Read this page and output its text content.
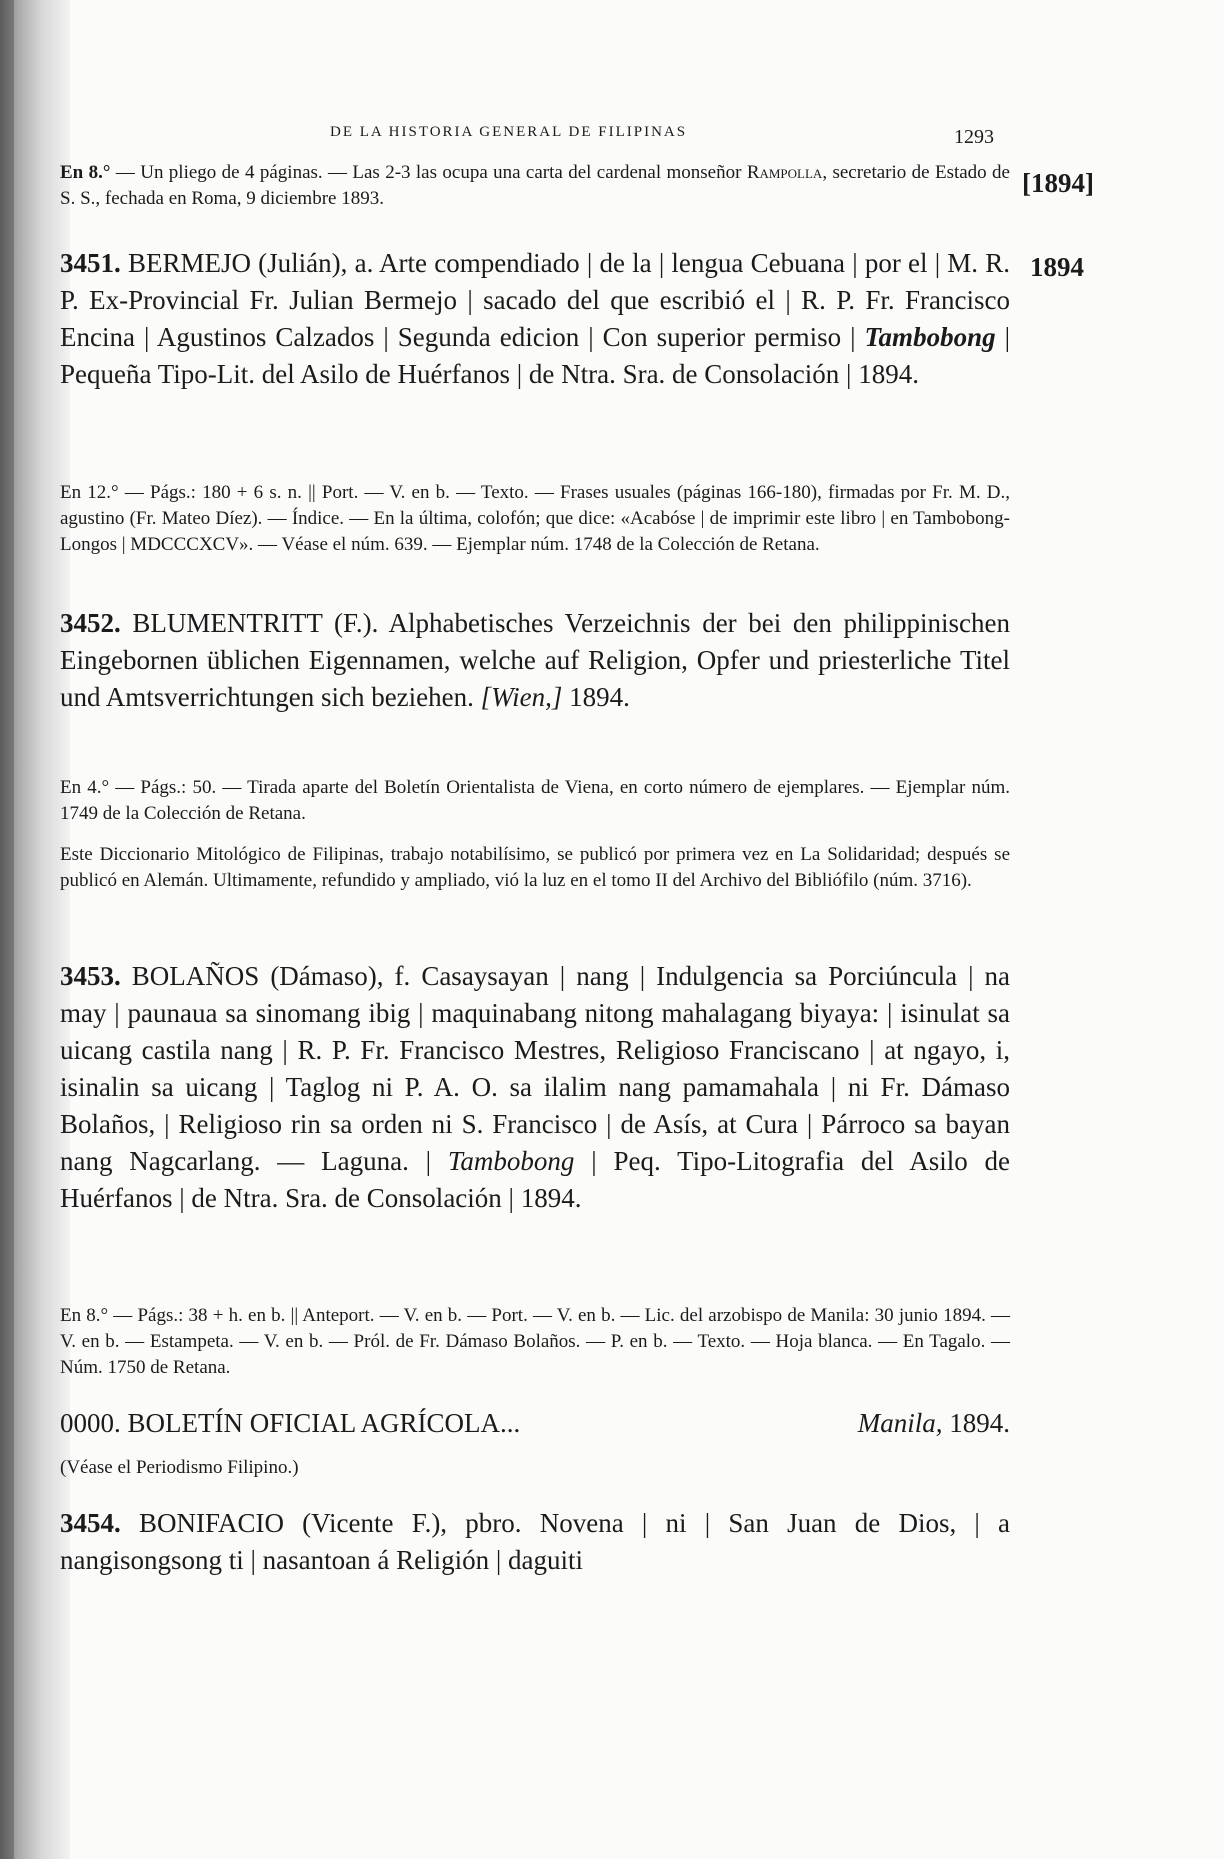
DE LA HISTORIA GENERAL DE FILIPINAS	1293
En 8.° — Un pliego de 4 páginas. — Las 2-3 las ocupa una carta del cardenal monseñor Rampolla, secretario de Estado de S. S., fechada en Roma, 9 diciembre 1893.
[1894]
3451. BERMEJO (Julián), a. Arte compendiado | de la | lengua Cebuana | por el | M. R. P. Ex-Provincial Fr. Julian Bermejo | sacado del que escribió el | R. P. Fr. Francisco Encina | Agustinos Calzados | Segunda edicion | Con superior permiso | Tambobong | Pequeña Tipo-Lit. del Asilo de Huérfanos | de Ntra. Sra. de Consolación | 1894.
1894
En 12.° — Págs.: 180 + 6 s. n. || Port. — V. en b. — Texto. — Frases usuales (páginas 166-180), firmadas por Fr. M. D., agustino (Fr. Mateo Díez). — Índice. — En la última, colofón; que dice: «Acabóse | de imprimir este libro | en Tambobong-Longos | MDCCCXCV». — Véase el núm. 639. — Ejemplar núm. 1748 de la Colección de Retana.
3452. BLUMENTRITT (F.). Alphabetisches Verzeichnis der bei den philippinischen Eingebornen üblichen Eigennamen, welche auf Religion, Opfer und priesterliche Titel und Amtsverrichtungen sich beziehen. [Wien,] 1894.
En 4.° — Págs.: 50. — Tirada aparte del Boletín Orientalista de Viena, en corto número de ejemplares. — Ejemplar núm. 1749 de la Colección de Retana.
Este Diccionario Mitológico de Filipinas, trabajo notabilísimo, se publicó por primera vez en La Solidaridad; después se publicó en Alemán. Ultimamente, refundido y ampliado, vió la luz en el tomo II del Archivo del Bibliófilo (núm. 3716).
3453. BOLAÑOS (Dámaso), f. Casaysayan | nang | Indulgencia sa Porciúncula | na may | paunaua sa sinomang ibig | maquinabang nitong mahalagang biyaya: | isinulat sa uicang castila nang | R. P. Fr. Francisco Mestres, Religioso Franciscano | at ngayo, i, isinalin sa uicang | Taglog ni P. A. O. sa ilalim nang pamamahala | ni Fr. Dámaso Bolaños, | Religioso rin sa orden ni S. Francisco | de Asís, at Cura | Párroco sa bayan nang Nagcarlang. — Laguna. | Tambobong | Peq. Tipo-Litografia del Asilo de Huérfanos | de Ntra. Sra. de Consolación | 1894.
En 8.° — Págs.: 38 + h. en b. || Anteport. — V. en b. — Port. — V. en b. — Lic. del arzobispo de Manila: 30 junio 1894. — V. en b. — Estampeta. — V. en b. — Pról. de Fr. Dámaso Bolaños. — P. en b. — Texto. — Hoja blanca. — En Tagalo. — Núm. 1750 de Retana.
0000. BOLETÍN OFICIAL AGRÍCOLA...	Manila, 1894.
(Véase el Periodismo Filipino.)
3454. BONIFACIO (Vicente F.), pbro. Novena | ni | San Juan de Dios, | a nangisongsong ti | nasantoan á Religión | daguiti
